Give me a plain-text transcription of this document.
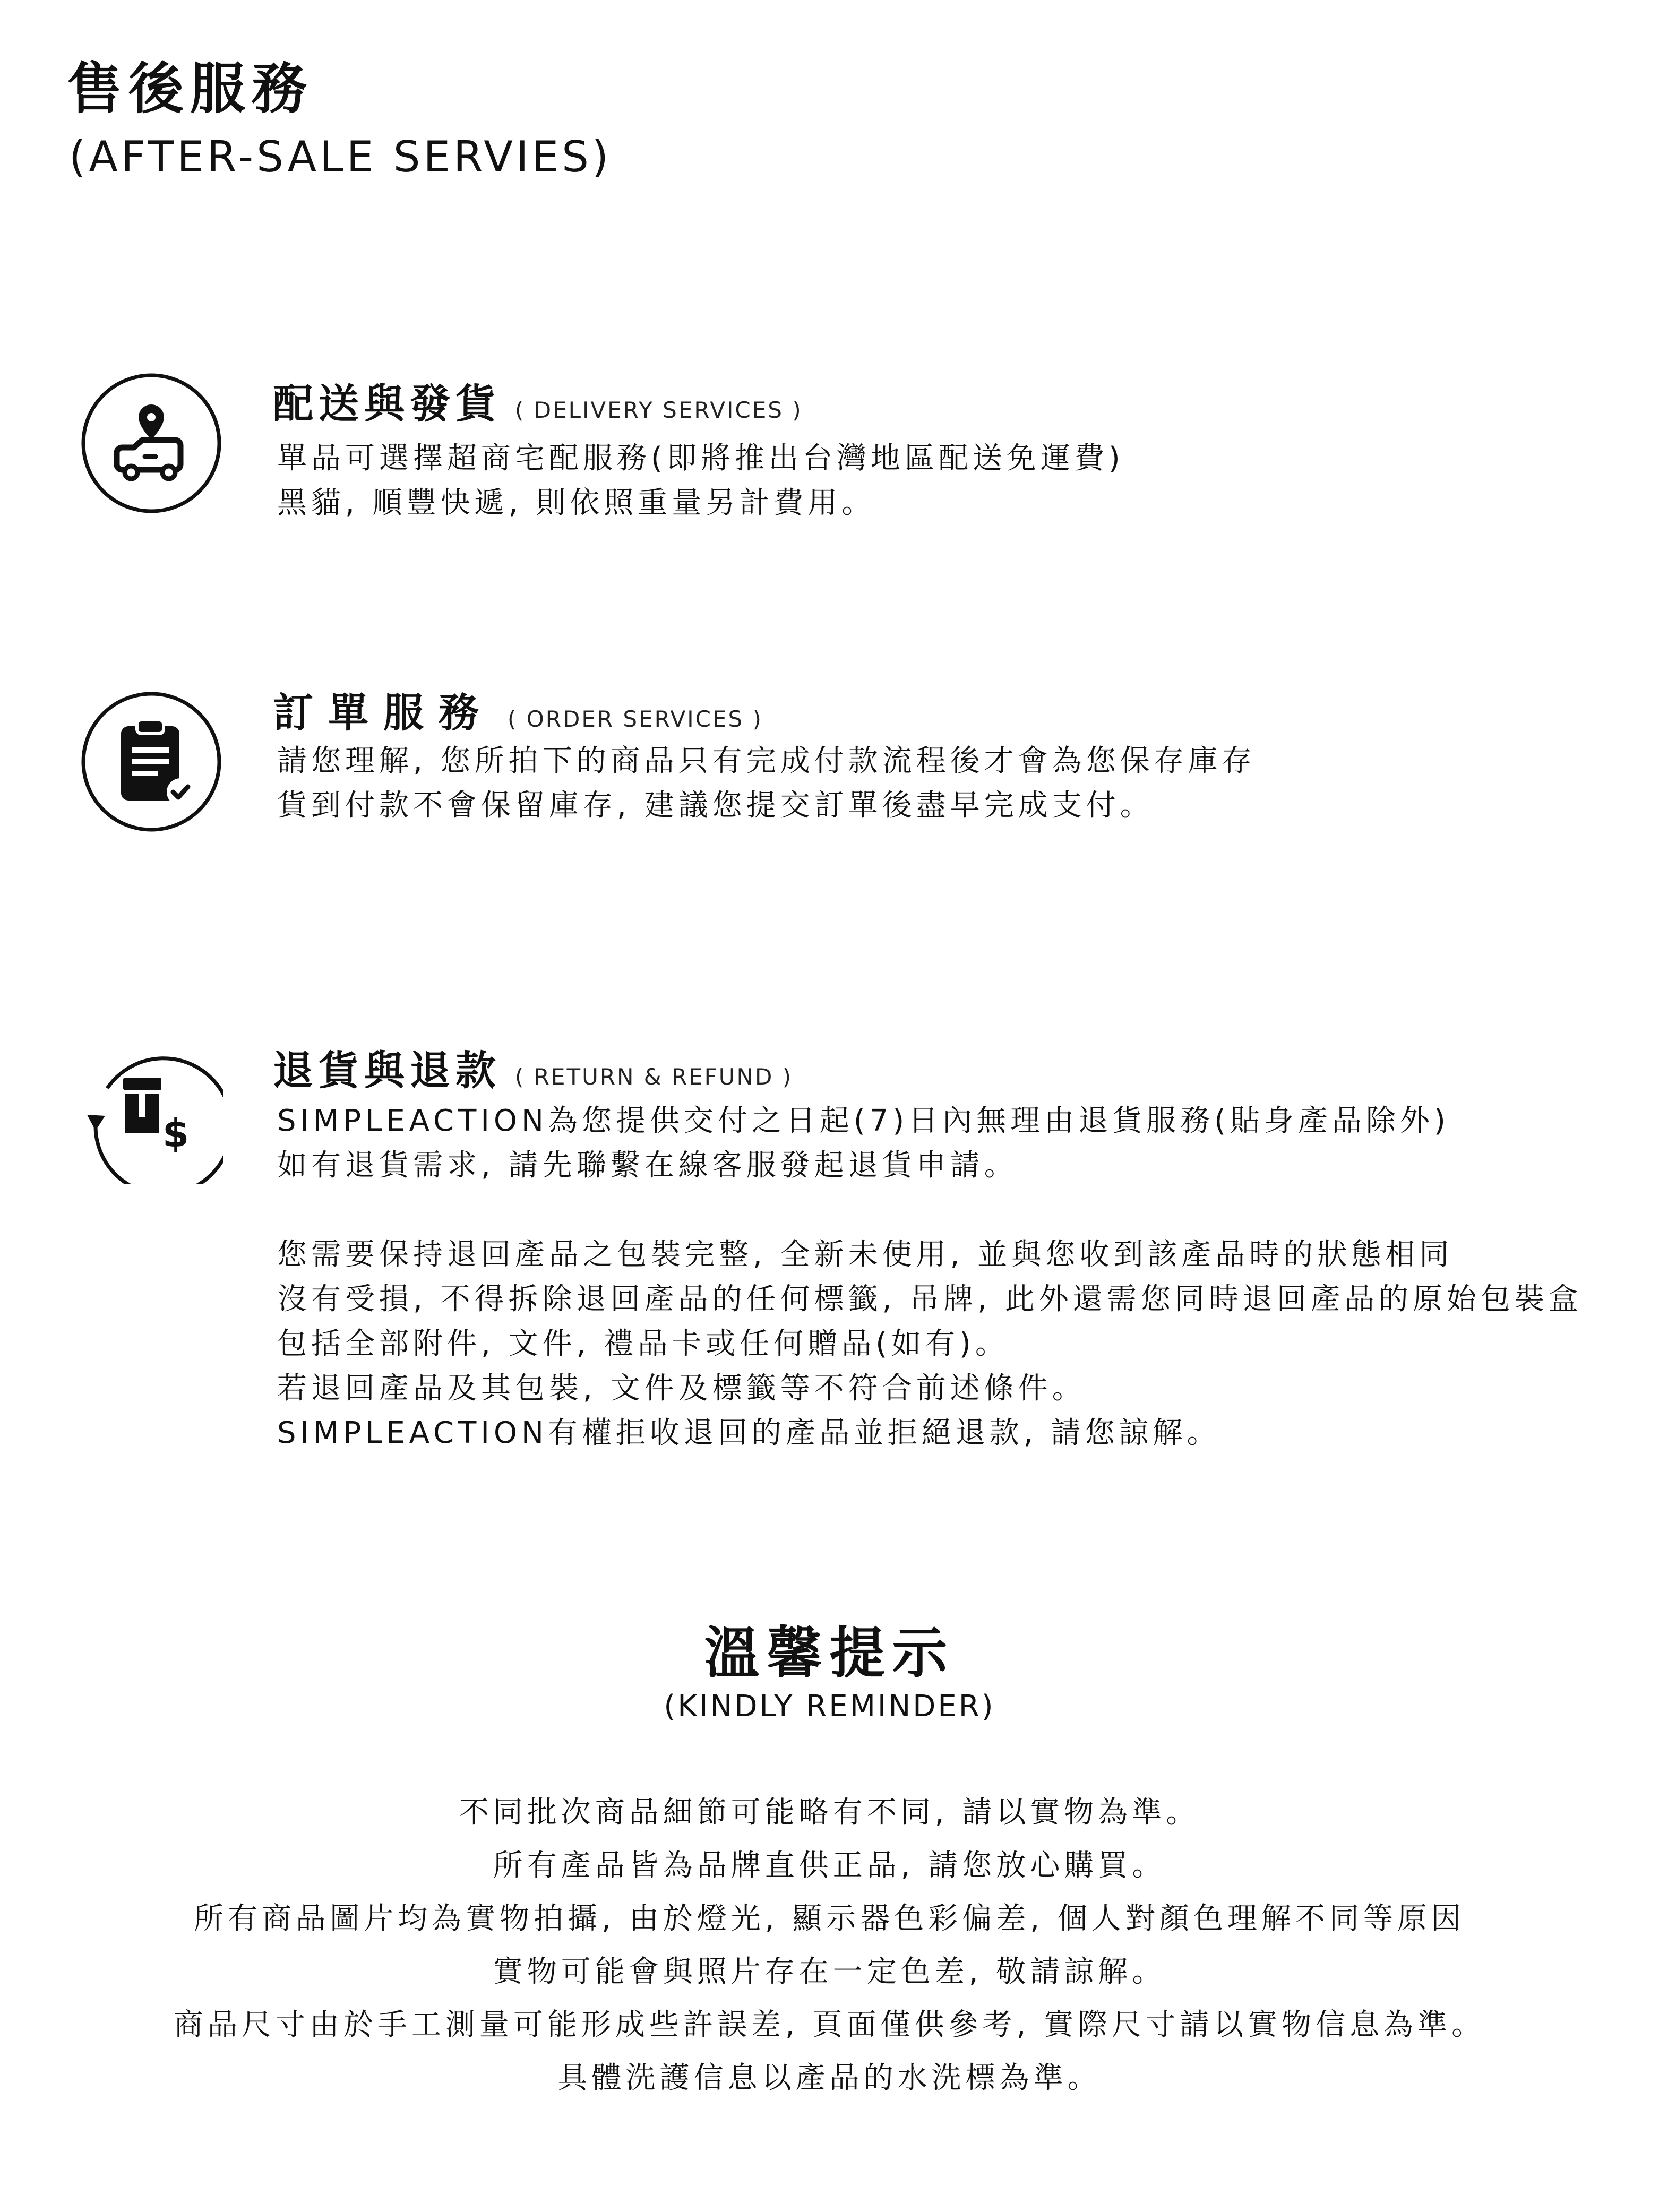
售後服務
(AFTER-SALE SERVIES)
配送與發貨 ( DELIVERY SERVICES )
單品可選擇超商宅配服務(即將推出台灣地區配送免運費)
黑貓, 順豐快遞, 則依照重量另計費用。
訂單服務 ( ORDER SERVICES )
請您理解, 您所拍下的商品只有完成付款流程後才會為您保存庫存
貨到付款不會保留庫存, 建議您提交訂單後盡早完成支付。
$
退貨與退款 ( RETURN & REFUND )
SIMPLEACTION為您提供交付之日起(7)日內無理由退貨服務(貼身產品除外)
如有退貨需求, 請先聯繫在線客服發起退貨申請。
您需要保持退回產品之包裝完整, 全新未使用, 並與您收到該產品時的狀態相同
沒有受損, 不得拆除退回產品的任何標籤, 吊牌, 此外還需您同時退回產品的原始包裝盒
包括全部附件, 文件, 禮品卡或任何贈品(如有)。
若退回產品及其包裝, 文件及標籤等不符合前述條件。
SIMPLEACTION有權拒收退回的產品並拒絕退款, 請您諒解。
溫馨提示
(KINDLY REMINDER)
不同批次商品細節可能略有不同, 請以實物為準。
所有產品皆為品牌直供正品, 請您放心購買。
所有商品圖片均為實物拍攝, 由於燈光, 顯示器色彩偏差, 個人對顏色理解不同等原因
實物可能會與照片存在一定色差, 敬請諒解。
商品尺寸由於手工測量可能形成些許誤差, 頁面僅供參考, 實際尺寸請以實物信息為準。
具體洗護信息以產品的水洗標為準。
